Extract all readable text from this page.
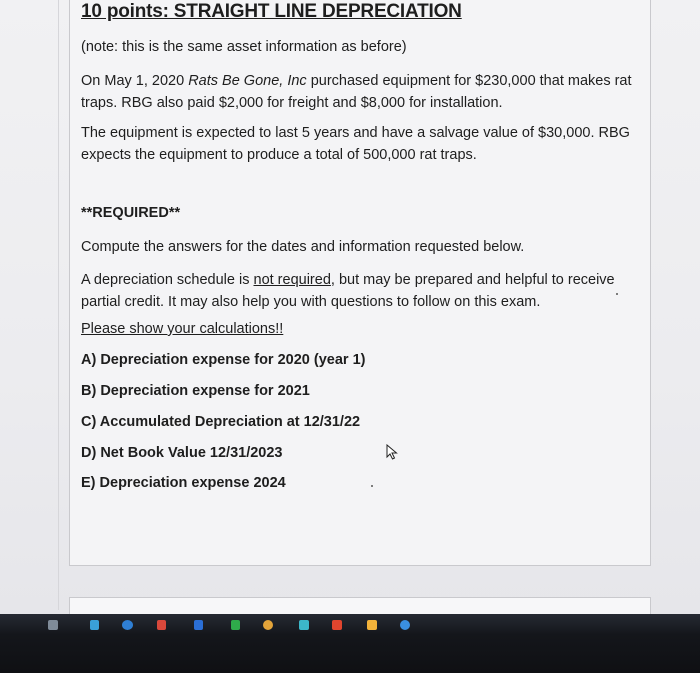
10 points: STRAIGHT LINE DEPRECIATION
(note: this is the same asset information as before)
On May 1, 2020 Rats Be Gone, Inc purchased equipment for $230,000 that makes rat traps. RBG also paid $2,000 for freight and $8,000 for installation.
The equipment is expected to last 5 years and have a salvage value of $30,000. RBG expects the equipment to produce a total of 500,000 rat traps.
**REQUIRED**
Compute the answers for the dates and information requested below.
A depreciation schedule is not required, but may be prepared and helpful to receive partial credit. It may also help you with questions to follow on this exam.
Please show your calculations!!
A) Depreciation expense for 2020 (year 1)
B) Depreciation expense for 2021
C) Accumulated Depreciation at 12/31/22
D) Net Book Value 12/31/2023
E) Depreciation expense 2024
